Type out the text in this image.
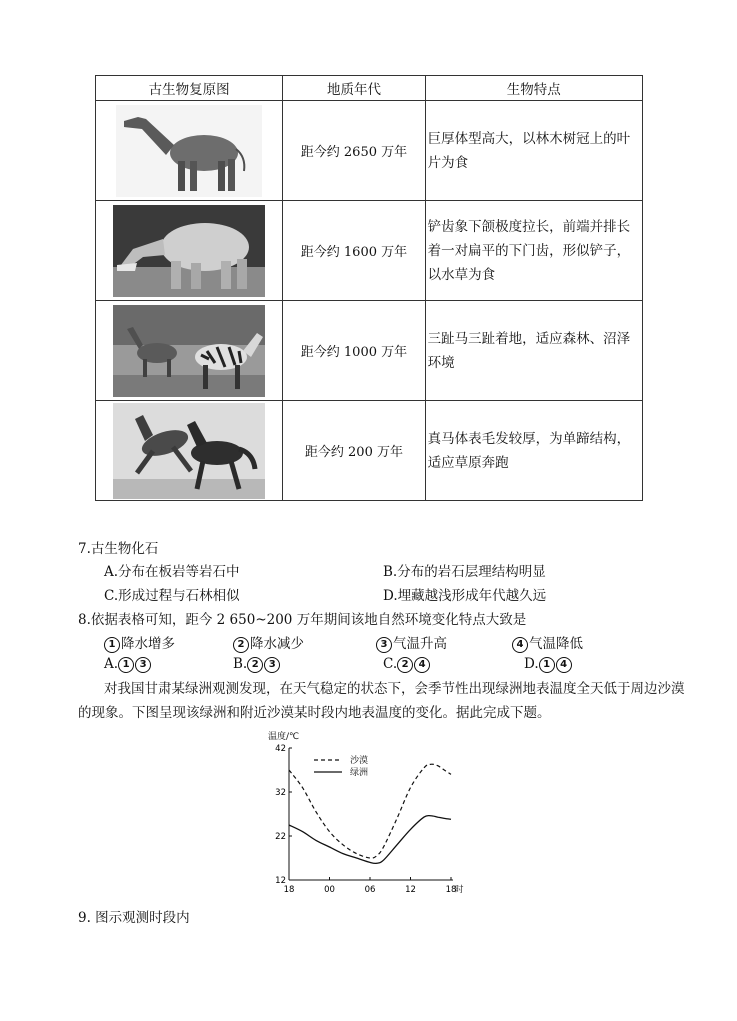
古生物复原图	地质年代	生物特点
	距今约 2650 万年	巨厚体型高大，以林木树冠上的叶片为食
	距今约 1600 万年	铲齿象下颌极度拉长，前端并排长着一对扁平的下门齿，形似铲子，以水草为食
	距今约 1000 万年	三趾马三趾着地，适应森林、沼泽环境
	距今约 200 万年	真马体表毛发较厚，为单蹄结构，适应草原奔跑
7.古生物化石
A.分布在板岩等岩石中	B.分布的岩石层理结构明显
C.形成过程与石林相似	D.埋藏越浅形成年代越久远
8.依据表格可知，距今 2 650~200 万年期间该地自然环境变化特点大致是
1 降水增多	2 降水减少	3 气温升高	4 气温降低
A. 1 3	B. 2 3	C. 2 4	D. 1 4
对我国甘肃某绿洲观测发现，在天气稳定的状态下，会季节性出现绿洲地表温度全天低于周边沙漠的现象。下图呈现该绿洲和附近沙漠某时段内地表温度的变化。据此完成下题。
温度/℃
12
22
32
42
18	00	06	12	18
时
沙漠
绿洲
9. 图示观测时段内
